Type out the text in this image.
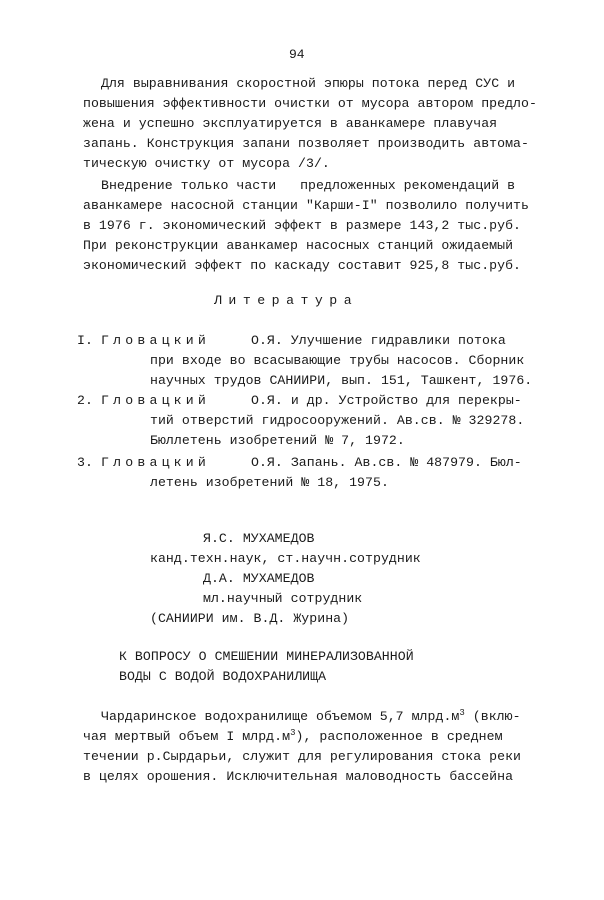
94
Для выравнивания скоростной эпюры потока перед СУС и
повышения эффективности очистки от мусора автором предло-
жена и успешно эксплуатируется в аванкамере плавучая
запань. Конструкция запани позволяет производить автома-
тическую очистку от мусора /3/.
Внедрение только части   предложенных рекомендаций в
аванкамере насосной станции "Карши-I" позволило получить
в 1976 г. экономический эффект в размере 143,2 тыс.руб.
При реконструкции аванкамер насосных станций ожидаемый
экономический эффект по каскаду составит 925,8 тыс.руб.
Литература
I. Гловацкий	О.Я. Улучшение гидравлики потока
при входе во всасывающие трубы насосов. Сборник
научных трудов САНИИРИ, вып. 151, Ташкент, 1976.
2. Гловацкий	О.Я. и др. Устройство для перекры-
тий отверстий гидросооружений. Ав.св. № 329278.
Бюллетень изобретений № 7, 1972.
3. Гловацкий	О.Я. Запань. Ав.св. № 487979. Бюл-
летень изобретений № 18, 1975.
Я.С. МУХАМЕДОВ
канд.техн.наук, ст.научн.сотрудник
Д.А. МУХАМЕДОВ
мл.научный сотрудник
(САНИИРИ им. В.Д. Журина)
К ВОПРОСУ О СМЕШЕНИИ МИНЕРАЛИЗОВАННОЙ
ВОДЫ С ВОДОЙ ВОДОХРАНИЛИЩА
Чардаринское водохранилище объемом 5,7 $млрд.м^3$ (вклю-
чая мертвый объем I $млрд.м^3$), расположенное в среднем
течении р.Сырдарьи, служит для регулирования стока реки
в целях орошения. Исключительная маловодность бассейна
